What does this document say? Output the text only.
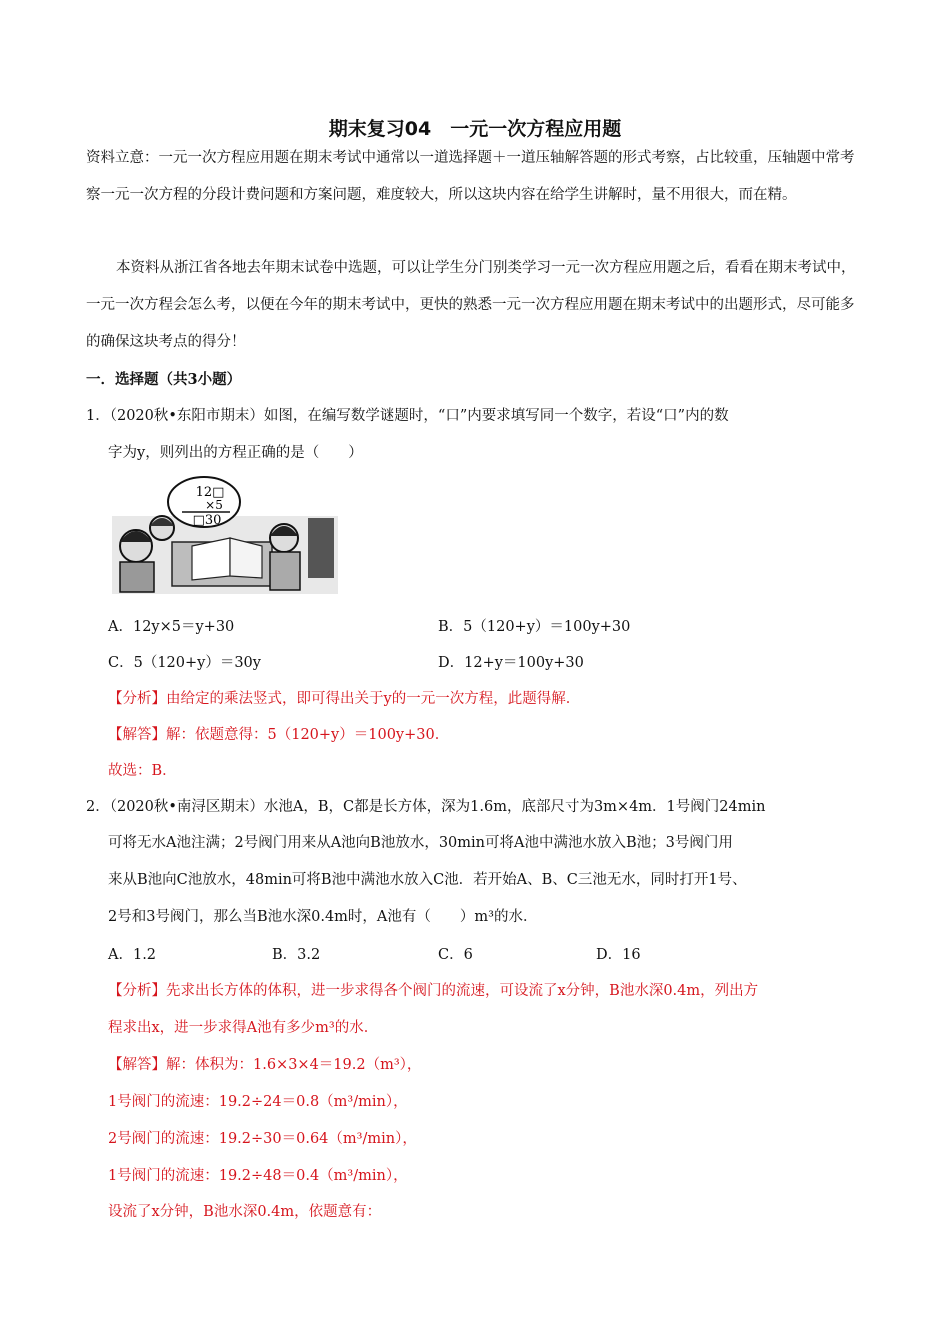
期末复习04　一元一次方程应用题
资料立意：一元一次方程应用题在期末考试中通常以一道选择题＋一道压轴解答题的形式考察，占比较重，压轴题中常考察一元一次方程的分段计费问题和方案问题，难度较大，所以这块内容在给学生讲解时，量不用很大，而在精。
本资料从浙江省各地去年期末试卷中选题，可以让学生分门别类学习一元一次方程应用题之后，看看在期末考试中，一元一次方程会怎么考，以便在今年的期末考试中，更快的熟悉一元一次方程应用题在期末考试中的出题形式，尽可能多的确保这块考点的得分！
一．选择题（共3小题）
1．（2020秋•东阳市期末）如图，在编写数学谜题时，“口”内要求填写同一个数字，若设“口”内的数
字为y，则列出的方程正确的是（　　）
12□
×5
□30
A．12y×5＝y+30	B．5（120+y）＝100y+30
C．5（120+y）＝30y	D．12+y＝100y+30
【分析】由给定的乘法竖式，即可得出关于y的一元一次方程，此题得解．
【解答】解：依题意得：5（120+y）＝100y+30．
故选：B．
2．（2020秋•南浔区期末）水池A，B，C都是长方体，深为1.6m，底部尺寸为3m×4m．1号阀门24min
可将无水A池注满；2号阀门用来从A池向B池放水，30min可将A池中满池水放入B池；3号阀门用
来从B池向C池放水，48min可将B池中满池水放入C池．若开始A、B、C三池无水，同时打开1号、
2号和3号阀门，那么当B池水深0.4m时，A池有（　　）m³的水．
A．1.2	B．3.2	C．6	D．16
【分析】先求出长方体的体积，进一步求得各个阀门的流速，可设流了x分钟，B池水深0.4m，列出方
程求出x，进一步求得A池有多少m³的水．
【解答】解：体积为：1.6×3×4＝19.2（m³），
1号阀门的流速：19.2÷24＝0.8（m³/min），
2号阀门的流速：19.2÷30＝0.64（m³/min），
1号阀门的流速：19.2÷48＝0.4（m³/min），
设流了x分钟，B池水深0.4m，依题意有：
